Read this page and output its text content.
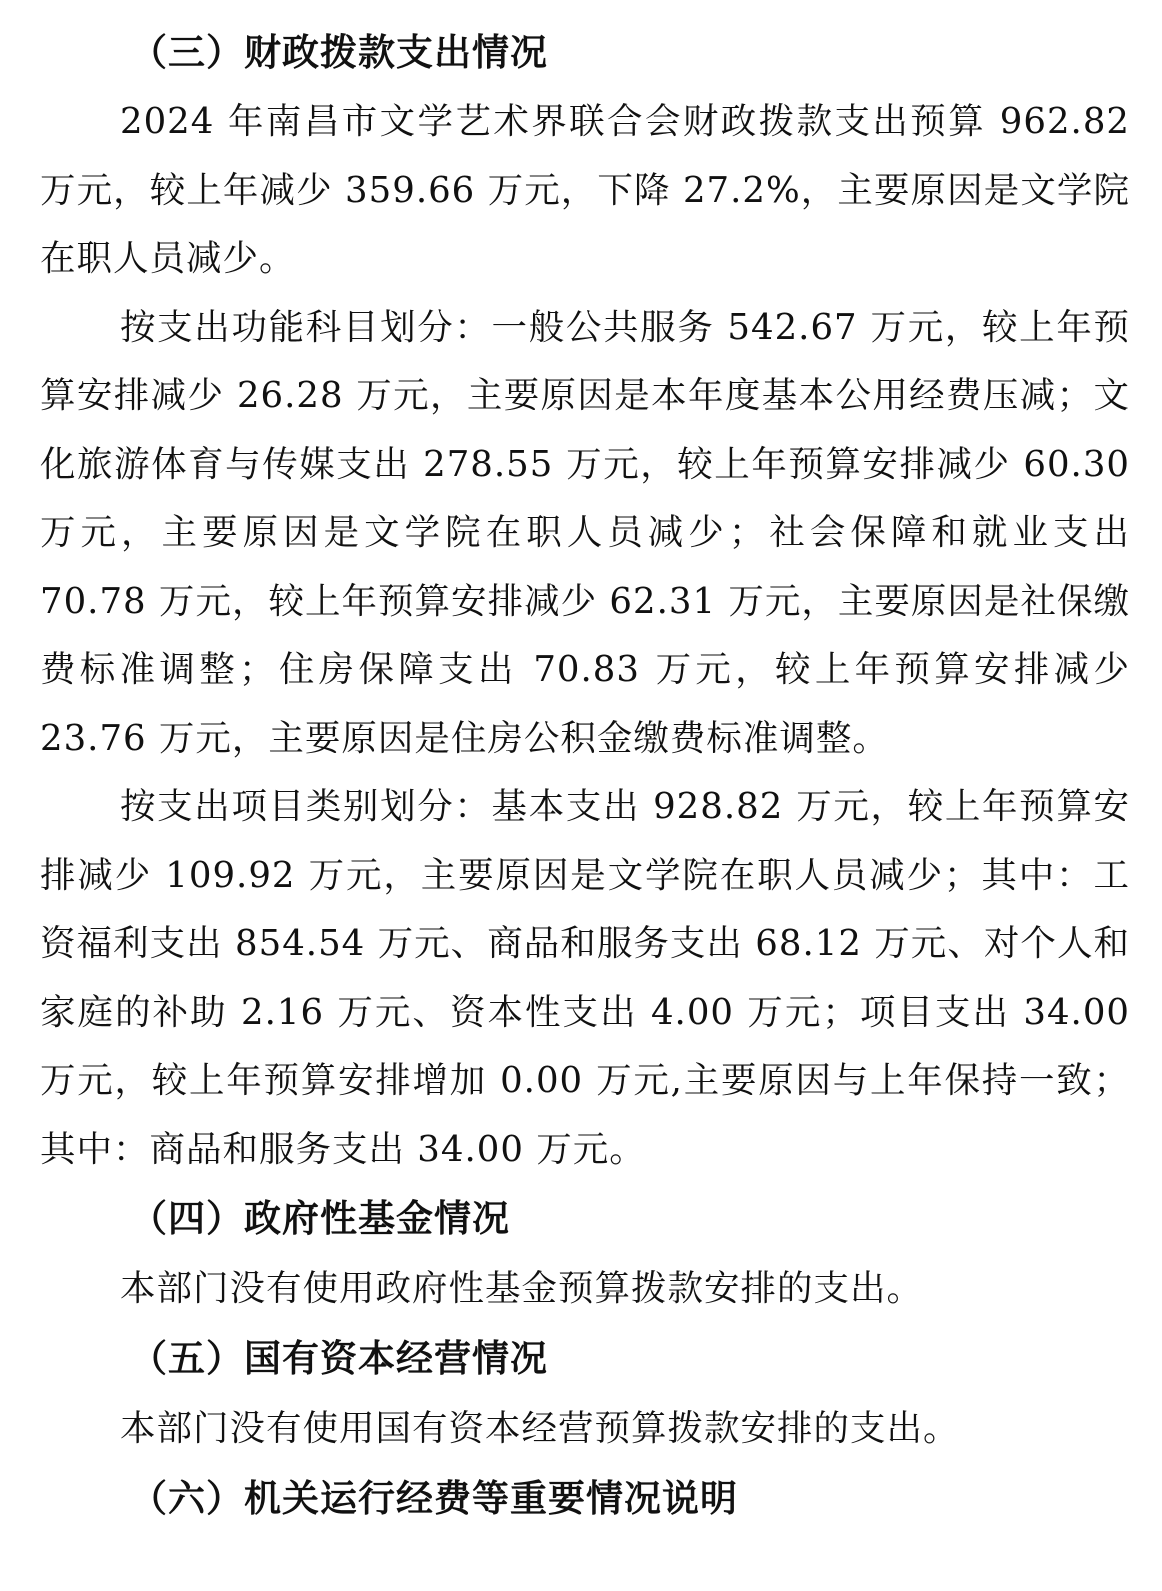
（三）财政拨款支出情况

2024 年南昌市文学艺术界联合会财政拨款支出预算 962.82 万元，较上年减少 359.66 万元，下降 27.2%，主要原因是文学院在职人员减少。

按支出功能科目划分：一般公共服务 542.67 万元，较上年预算安排减少 26.28 万元，主要原因是本年度基本公用经费压减；文化旅游体育与传媒支出 278.55 万元，较上年预算安排减少 60.30 万元，主要原因是文学院在职人员减少；社会保障和就业支出 70.78 万元，较上年预算安排减少 62.31 万元，主要原因是社保缴费标准调整；住房保障支出 70.83 万元，较上年预算安排减少 23.76 万元，主要原因是住房公积金缴费标准调整。

按支出项目类别划分：基本支出 928.82 万元，较上年预算安排减少 109.92 万元，主要原因是文学院在职人员减少；其中：工资福利支出 854.54 万元、商品和服务支出 68.12 万元、对个人和家庭的补助 2.16 万元、资本性支出 4.00 万元；项目支出 34.00 万元，较上年预算安排增加 0.00 万元,主要原因与上年保持一致；其中：商品和服务支出 34.00 万元。

（四）政府性基金情况

本部门没有使用政府性基金预算拨款安排的支出。

（五）国有资本经营情况

本部门没有使用国有资本经营预算拨款安排的支出。

（六）机关运行经费等重要情况说明
